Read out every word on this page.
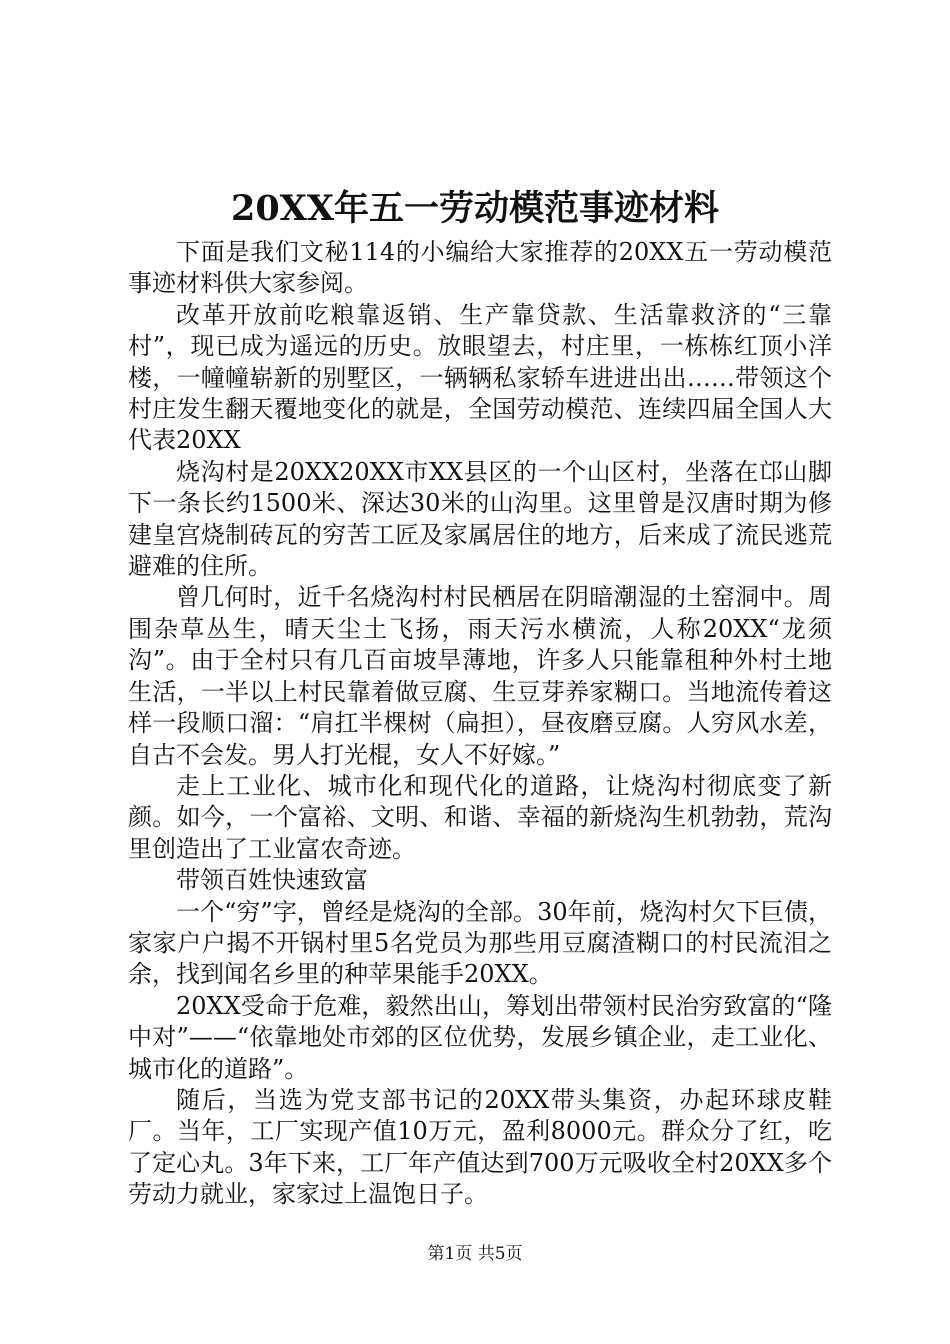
20XX年五一劳动模范事迹材料

下面是我们文秘114的小编给大家推荐的20XX五一劳动模范事迹材料供大家参阅。

改革开放前吃粮靠返销、生产靠贷款、生活靠救济的“三靠村”，现已成为遥远的历史。放眼望去，村庄里，一栋栋红顶小洋楼，一幢幢崭新的别墅区，一辆辆私家轿车进进出出……带领这个村庄发生翻天覆地变化的就是，全国劳动模范、连续四届全国人大代表20XX

烧沟村是20XX20XX市XX县区的一个山区村，坐落在邙山脚下一条长约1500米、深达30米的山沟里。这里曾是汉唐时期为修建皇宫烧制砖瓦的穷苦工匠及家属居住的地方，后来成了流民逃荒避难的住所。

曾几何时，近千名烧沟村村民栖居在阴暗潮湿的土窑洞中。周围杂草丛生，晴天尘土飞扬，雨天污水横流，人称20XX“龙须沟”。由于全村只有几百亩坡旱薄地，许多人只能靠租种外村土地生活，一半以上村民靠着做豆腐、生豆芽养家糊口。当地流传着这样一段顺口溜：“肩扛半棵树（扁担），昼夜磨豆腐。人穷风水差，自古不会发。男人打光棍，女人不好嫁。”

走上工业化、城市化和现代化的道路，让烧沟村彻底变了新颜。如今，一个富裕、文明、和谐、幸福的新烧沟生机勃勃，荒沟里创造出了工业富农奇迹。

带领百姓快速致富

一个“穷”字，曾经是烧沟的全部。30年前，烧沟村欠下巨债，家家户户揭不开锅村里5名党员为那些用豆腐渣糊口的村民流泪之余，找到闻名乡里的种苹果能手20XX。

20XX受命于危难，毅然出山，筹划出带领村民治穷致富的“隆中对”——“依靠地处市郊的区位优势，发展乡镇企业，走工业化、城市化的道路”。

随后，当选为党支部书记的20XX带头集资，办起环球皮鞋厂。当年，工厂实现产值10万元，盈利8000元。群众分了红，吃了定心丸。3年下来，工厂年产值达到700万元吸收全村20XX多个劳动力就业，家家过上温饱日子。

第1页 共5页
